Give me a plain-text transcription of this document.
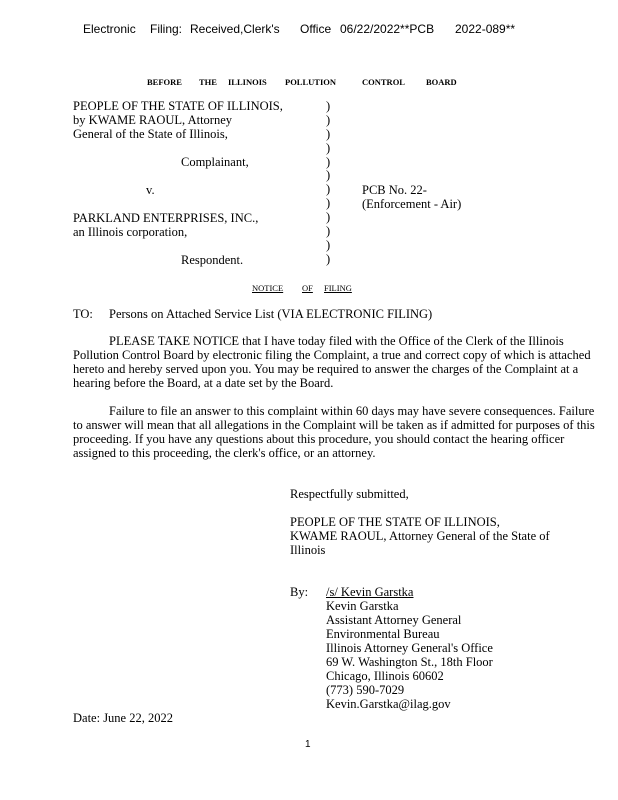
Electronic Filing: Received,Clerk's Office 06/22/2022**PCB 2022-089**
BEFORE THE ILLINOIS POLLUTION	CONTROL BOARD
PEOPLE OF THE STATE OF ILLINOIS,
by KWAME RAOUL, Attorney
General of the State of Illinois,
Complainant,
v.
PARKLAND ENTERPRISES, INC.,
an Illinois corporation,
Respondent.
)
)
)
)
)
)
)
)
)
)
)
)
PCB No. 22-
(Enforcement - Air)
NOTICE OF FILING
TO: Persons on Attached Service List (VIA ELECTRONIC FILING)
PLEASE TAKE NOTICE that I have today filed with the Office of the Clerk of the Illinois Pollution Control Board by electronic filing the Complaint, a true and correct copy of which is attached hereto and hereby served upon you. You may be required to answer the charges of the Complaint at a hearing before the Board, at a date set by the Board.
Failure to file an answer to this complaint within 60 days may have severe consequences. Failure to answer will mean that all allegations in the Complaint will be taken as if admitted for purposes of this proceeding. If you have any questions about this procedure, you should contact the hearing officer assigned to this proceeding, the clerk's office, or an attorney.
Respectfully submitted,
PEOPLE OF THE STATE OF ILLINOIS,
KWAME RAOUL, Attorney General of the State of
Illinois
By: /s/ Kevin Garstka
Kevin Garstka
Assistant Attorney General
Environmental Bureau
Illinois Attorney General's Office
69 W. Washington St., 18th Floor
Chicago, Illinois 60602
(773) 590-7029
Kevin.Garstka@ilag.gov
Date: June 22, 2022
1
